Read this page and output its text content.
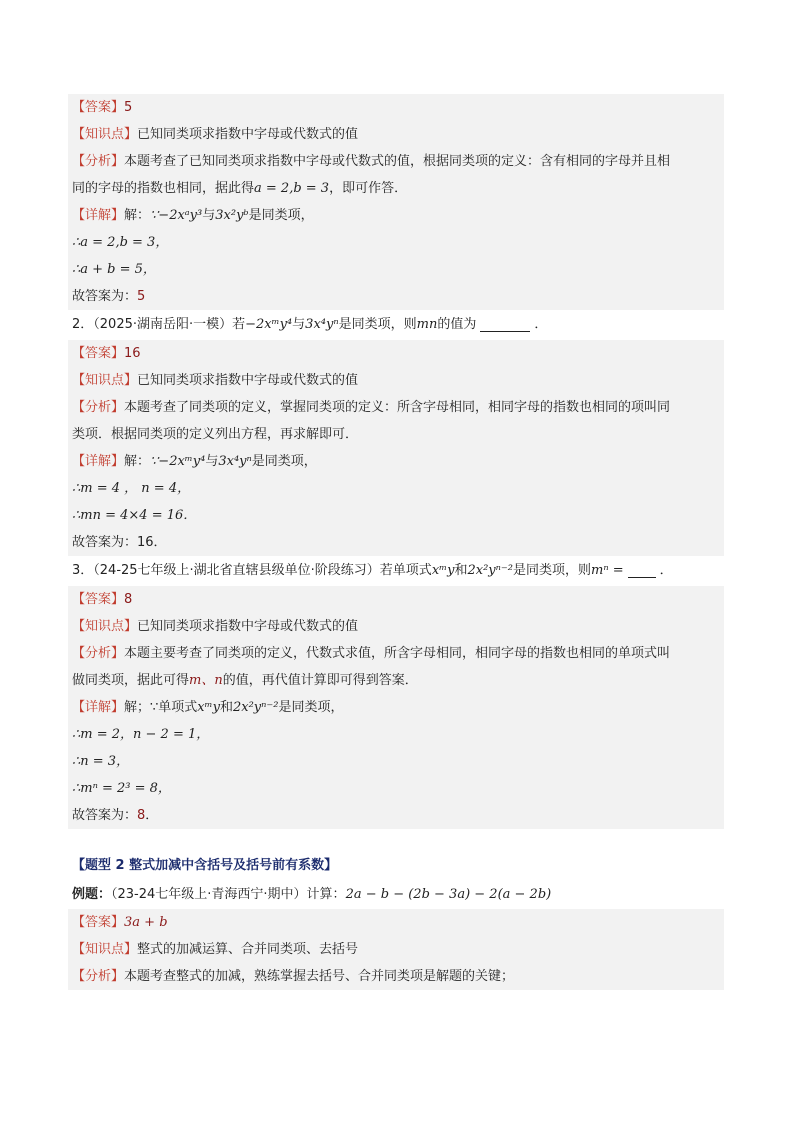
【答案】5
【知识点】已知同类项求指数中字母或代数式的值
【分析】本题考查了已知同类项求指数中字母或代数式的值，根据同类项的定义：含有相同的字母并且相
同的字母的指数也相同，据此得a = 2,b = 3，即可作答．
【详解】解：∵−2xᵃy³与3x²yᵇ是同类项，
∴a = 2,b = 3，
∴a + b = 5，
故答案为：5
2．（2025·湖南岳阳·一模）若−2xᵐy⁴与3x⁴yⁿ是同类项，则mn的值为	．
【答案】16
【知识点】已知同类项求指数中字母或代数式的值
【分析】本题考查了同类项的定义，掌握同类项的定义：所含字母相同，相同字母的指数也相同的项叫同
类项．根据同类项的定义列出方程，再求解即可．
【详解】解：∵−2xᵐy⁴与3x⁴yⁿ是同类项，
∴m = 4 ， n = 4，
∴mn = 4×4 = 16．
故答案为：16．
3．（24-25七年级上·湖北省直辖县级单位·阶段练习）若单项式xᵐy和2x²yⁿ⁻²是同类项，则mⁿ =	．
【答案】8
【知识点】已知同类项求指数中字母或代数式的值
【分析】本题主要考查了同类项的定义，代数式求值，所含字母相同，相同字母的指数也相同的单项式叫
做同类项，据此可得m、n的值，再代值计算即可得到答案．
【详解】解；∵单项式xᵐy和2x²yⁿ⁻²是同类项，
∴m = 2，n − 2 = 1，
∴n = 3，
∴mⁿ = 2³ = 8，
故答案为：8．
【题型 2 整式加减中含括号及括号前有系数】
例题：（23-24七年级上·青海西宁·期中）计算：2a − b − (2b − 3a) − 2(a − 2b)
【答案】3a + b
【知识点】整式的加减运算、合并同类项、去括号
【分析】本题考查整式的加减，熟练掌握去括号、合并同类项是解题的关键；
